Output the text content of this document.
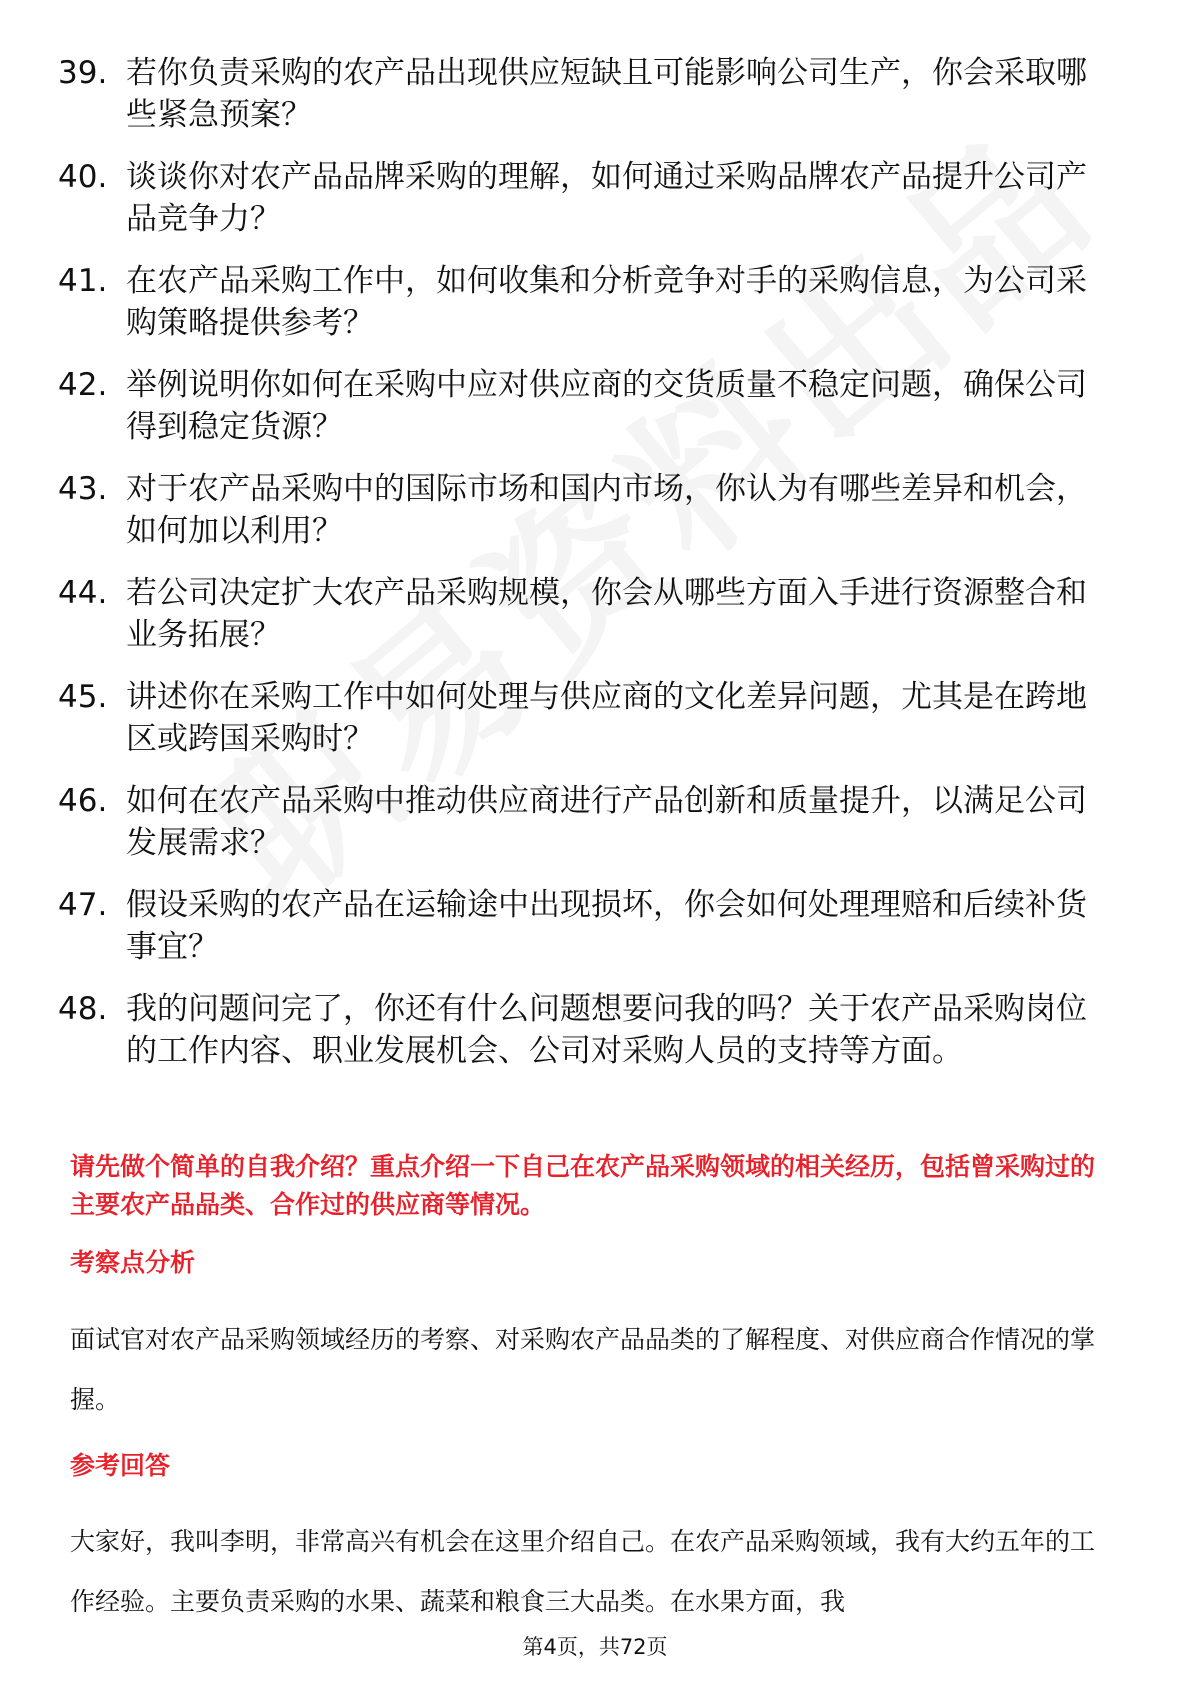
39. 若你负责采购的农产品出现供应短缺且可能影响公司生产，你会采取哪些紧急预案？
40. 谈谈你对农产品品牌采购的理解，如何通过采购品牌农产品提升公司产品竞争力？
41. 在农产品采购工作中，如何收集和分析竞争对手的采购信息，为公司采购策略提供参考？
42. 举例说明你如何在采购中应对供应商的交货质量不稳定问题，确保公司得到稳定货源？
43. 对于农产品采购中的国际市场和国内市场，你认为有哪些差异和机会，如何加以利用？
44. 若公司决定扩大农产品采购规模，你会从哪些方面入手进行资源整合和业务拓展？
45. 讲述你在采购工作中如何处理与供应商的文化差异问题，尤其是在跨地区或跨国采购时？
46. 如何在农产品采购中推动供应商进行产品创新和质量提升，以满足公司发展需求？
47. 假设采购的农产品在运输途中出现损坏，你会如何处理理赔和后续补货事宜？
48. 我的问题问完了，你还有什么问题想要问我的吗？关于农产品采购岗位的工作内容、职业发展机会、公司对采购人员的支持等方面。

请先做个简单的自我介绍？重点介绍一下自己在农产品采购领域的相关经历，包括曾采购过的主要农产品品类、合作过的供应商等情况。

考察点分析

面试官对农产品采购领域经历的考察、对采购农产品品类的了解程度、对供应商合作情况的掌握。

参考回答

大家好，我叫李明，非常高兴有机会在这里介绍自己。在农产品采购领域，我有大约五年的工作经验。主要负责采购的水果、蔬菜和粮食三大品类。在水果方面，我

第4页，共72页
